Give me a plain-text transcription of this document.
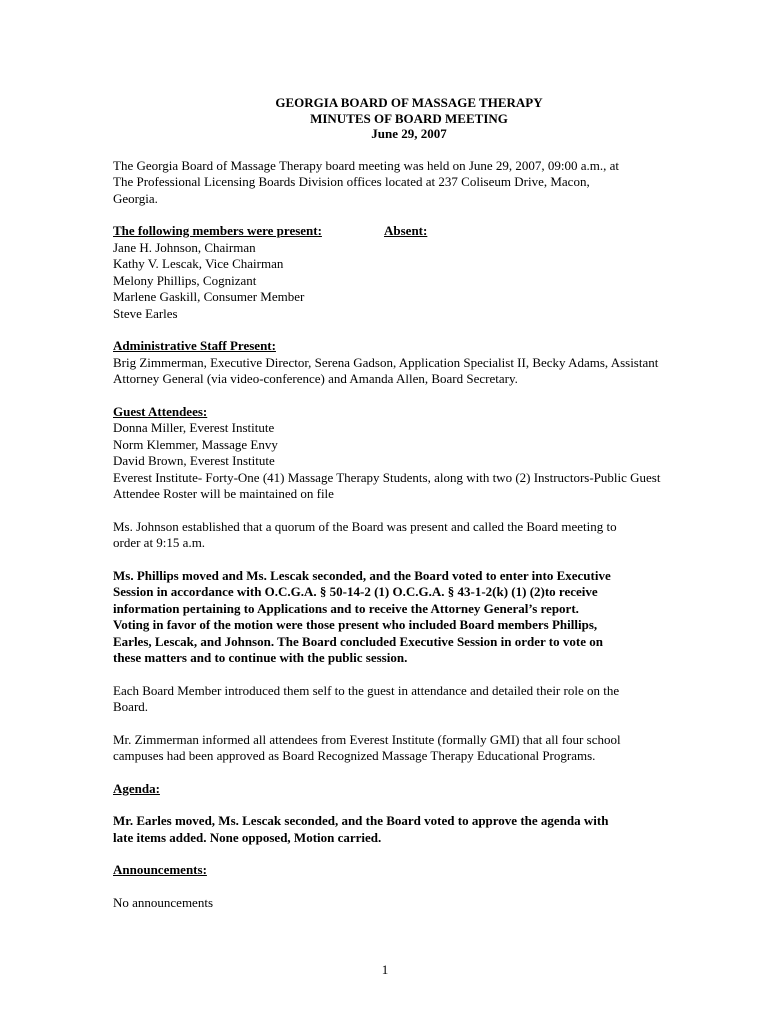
GEORGIA BOARD OF MASSAGE THERAPY
MINUTES OF BOARD MEETING
June 29, 2007

The Georgia Board of Massage Therapy board meeting was held on June 29, 2007, 09:00 a.m., at

The Professional Licensing Boards Division offices located at 237 Coliseum Drive, Macon,

Georgia.

The following members were present:

Jane H. Johnson, Chairman

Kathy V. Lescak, Vice Chairman

Melony Phillips, Cognizant

Marlene Gaskill, Consumer Member

Steve Earles

Absent:

Administrative Staff Present:

Brig Zimmerman, Executive Director, Serena Gadson, Application Specialist II, Becky Adams, Assistant

Attorney General (via video-conference) and Amanda Allen, Board Secretary.

Guest Attendees:

Donna Miller, Everest Institute

Norm Klemmer, Massage Envy

David Brown, Everest Institute

Everest Institute- Forty-One (41) Massage Therapy Students, along with two (2) Instructors-Public Guest

Attendee Roster will be maintained on file

Ms. Johnson established that a quorum of the Board was present and called the Board meeting to

order at 9:15 a.m.

Ms. Phillips moved and Ms. Lescak seconded, and the Board voted to enter into Executive

Session in accordance with O.C.G.A. § 50-14-2 (1) O.C.G.A. § 43-1-2(k) (1) (2)to receive

information pertaining to Applications and to receive the Attorney General’s report.

Voting in favor of the motion were those present who included Board members Phillips,

Earles, Lescak, and Johnson. The Board concluded Executive Session in order to vote on

these matters and to continue with the public session.

Each Board Member introduced them self to the guest in attendance and detailed their role on the

Board.

Mr. Zimmerman informed all attendees from Everest Institute (formally GMI) that all four school

campuses had been approved as Board Recognized Massage Therapy Educational Programs.

Agenda:

Mr. Earles moved, Ms. Lescak seconded, and the Board voted to approve the agenda with

late items added. None opposed, Motion carried.

Announcements:

No announcements

1
